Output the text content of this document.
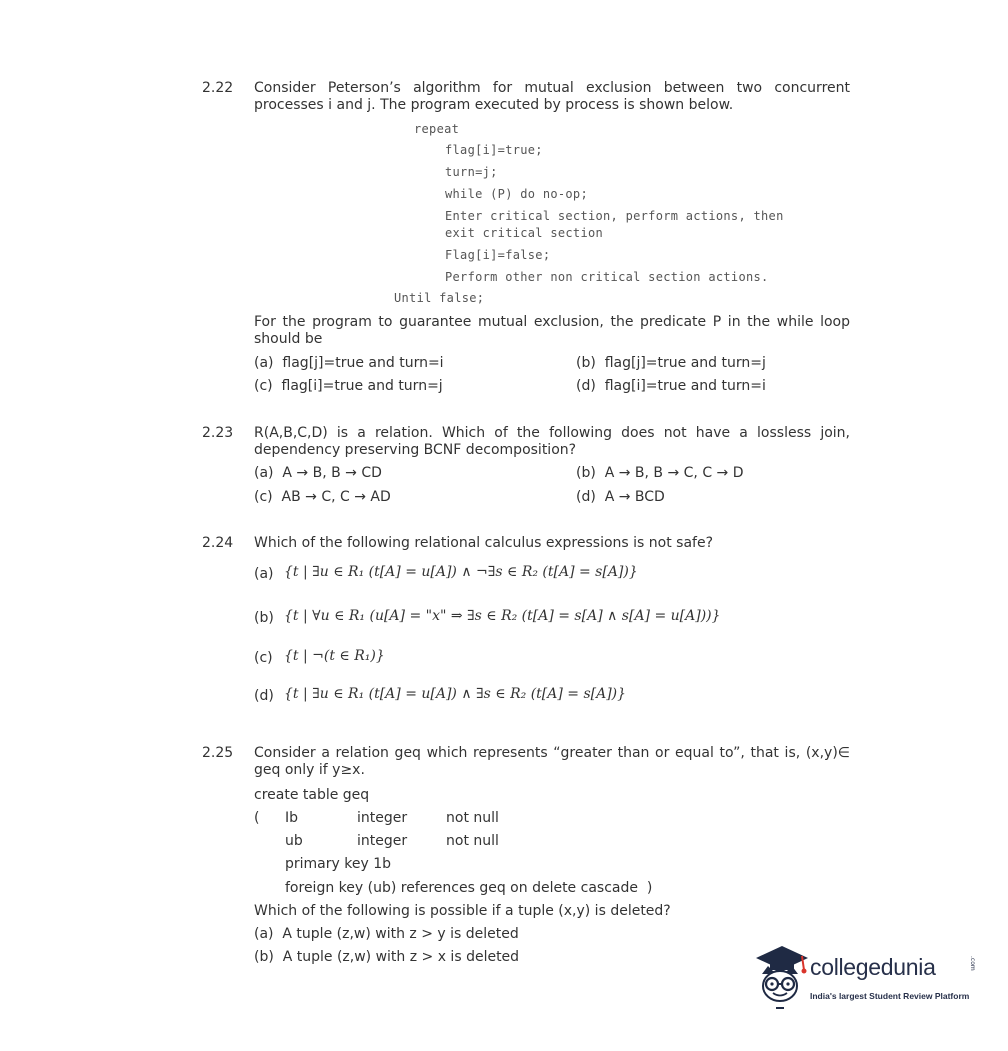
2.22 Consider Peterson’s algorithm for mutual exclusion between two concurrent processes i and j. The program executed by process is shown below.
repeat
flag[i]=true;
turn=j;
while (P) do no-op;
Enter critical section, perform actions, then
exit critical section
Flag[i]=false;
Perform other non critical section actions.
Until false;
For the program to guarantee mutual exclusion, the predicate P in the while loop should be
(a)  flag[j]=true and turn=i	(b)  flag[j]=true and turn=j
(c)  flag[i]=true and turn=j	(d)  flag[i]=true and turn=i
2.23 R(A,B,C,D) is a relation. Which of the following does not have a lossless join, dependency preserving BCNF decomposition?
(a)  A → B, B → CD	(b)  A → B, B → C, C → D
(c)  AB → C, C → AD	(d)  A → BCD
2.24 Which of the following relational calculus expressions is not safe?
(a) {t | ∃u ∈ R₁ (t[A] = u[A]) ∧ ¬∃s ∈ R₂ (t[A] = s[A])}
(b) {t | ∀u ∈ R₁ (u[A] = "x" ⇒ ∃s ∈ R₂ (t[A] = s[A] ∧ s[A] = u[A]))}
(c) {t | ¬(t ∈ R₁)}
(d) {t | ∃u ∈ R₁ (t[A] = u[A]) ∧ ∃s ∈ R₂ (t[A] = s[A])}
2.25 Consider a relation geq which represents “greater than or equal to”, that is, (x,y)∈ geq only if y≥x.
create table geq
( Ib	integer	not null
ub	integer	not null
primary key 1b
foreign key (ub) references geq on delete cascade  )
Which of the following is possible if a tuple (x,y) is deleted?
(a)  A tuple (z,w) with z > y is deleted
(b)  A tuple (z,w) with z > x is deleted	collegedunia	.com
India's largest Student Review Platform
